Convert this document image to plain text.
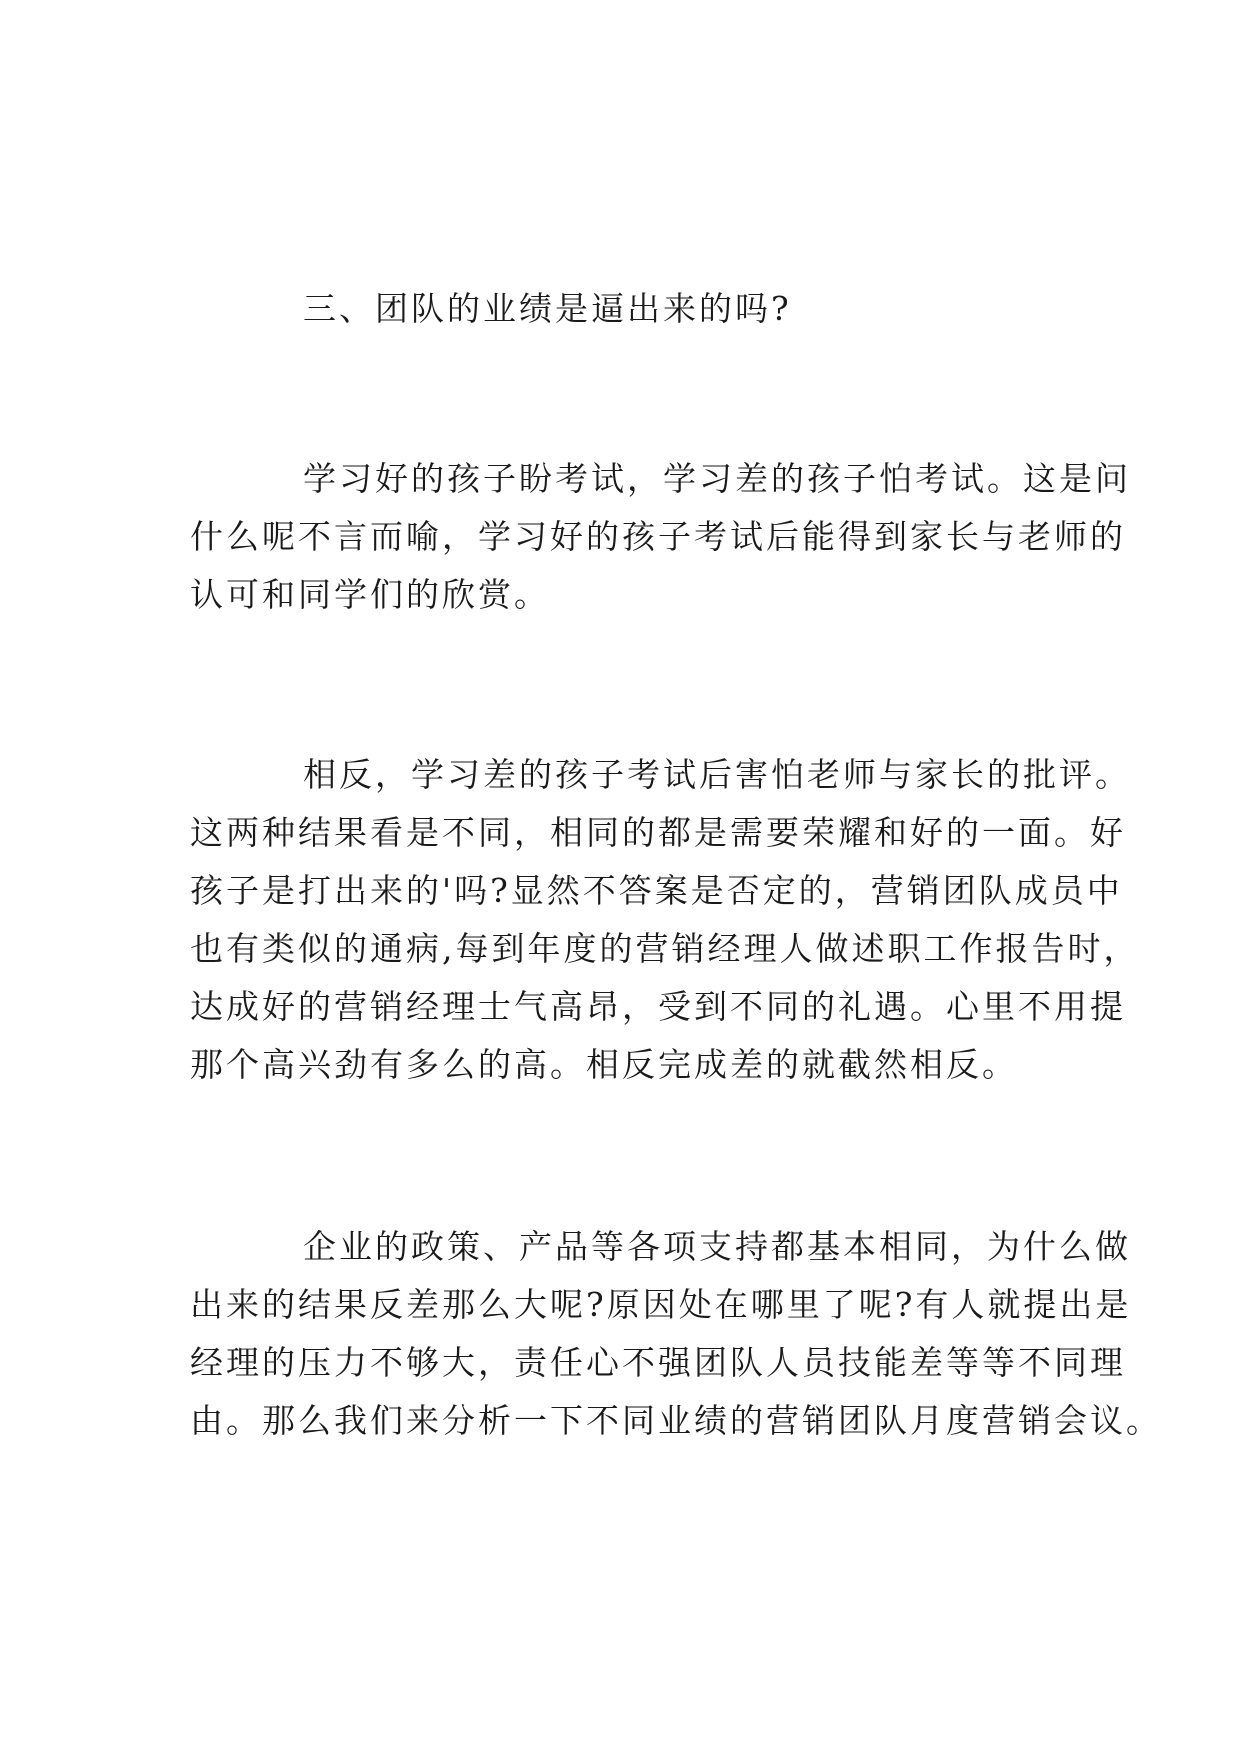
三、团队的业绩是逼出来的吗?
学习好的孩子盼考试，学习差的孩子怕考试。这是问
什么呢不言而喻，学习好的孩子考试后能得到家长与老师的
认可和同学们的欣赏。
相反，学习差的孩子考试后害怕老师与家长的批评。
这两种结果看是不同，相同的都是需要荣耀和好的一面。好
孩子是打出来的'吗?显然不答案是否定的，营销团队成员中
也有类似的通病,每到年度的营销经理人做述职工作报告时，
达成好的营销经理士气高昂，受到不同的礼遇。心里不用提
那个高兴劲有多么的高。相反完成差的就截然相反。
企业的政策、产品等各项支持都基本相同，为什么做
出来的结果反差那么大呢?原因处在哪里了呢?有人就提出是
经理的压力不够大，责任心不强团队人员技能差等等不同理
由。那么我们来分析一下不同业绩的营销团队月度营销会议。
